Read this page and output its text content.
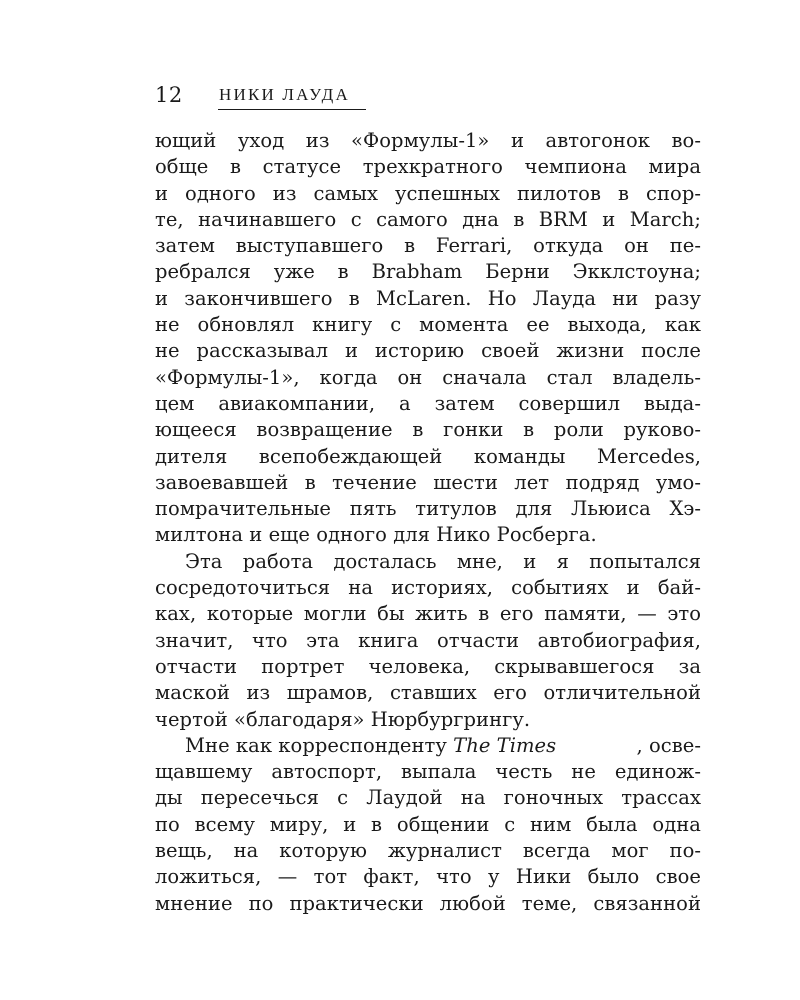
12 НИКИ ЛАУДА
ющий уход из «Формулы-1» и автогонок во-
обще в статусе трехкратного чемпиона мира
и одного из самых успешных пилотов в спор-
те, начинавшего с самого дна в BRM и March;
затем выступавшего в Ferrari, откуда он пе-
ребрался уже в Brabham Берни Экклстоуна;
и закончившего в McLaren. Но Лауда ни разу
не обновлял книгу с момента ее выхода, как
не рассказывал и историю своей жизни после
«Формулы-1», когда он сначала стал владель-
цем авиакомпании, а затем совершил выда-
ющееся возвращение в гонки в роли руково-
дителя всепобеждающей команды Mercedes,
завоевавшей в течение шести лет подряд умо-
помрачительные пять титулов для Льюиса Хэ-
милтона и еще одного для Нико Росберга.
Эта работа досталась мне, и я попытался
сосредоточиться на историях, событиях и бай-
ках, которые могли бы жить в его памяти, — это
значит, что эта книга отчасти автобиография,
отчасти портрет человека, скрывавшегося за
маской из шрамов, ставших его отличительной
чертой «благодаря» Нюрбургрингу.
Мне как корреспонденту The Times	, осве-
щавшему автоспорт, выпала честь не единож-
ды пересечься с Лаудой на гоночных трассах
по всему миру, и в общении с ним была одна
вещь, на которую журналист всегда мог по-
ложиться, — тот факт, что у Ники было свое
мнение по практически любой теме, связанной
